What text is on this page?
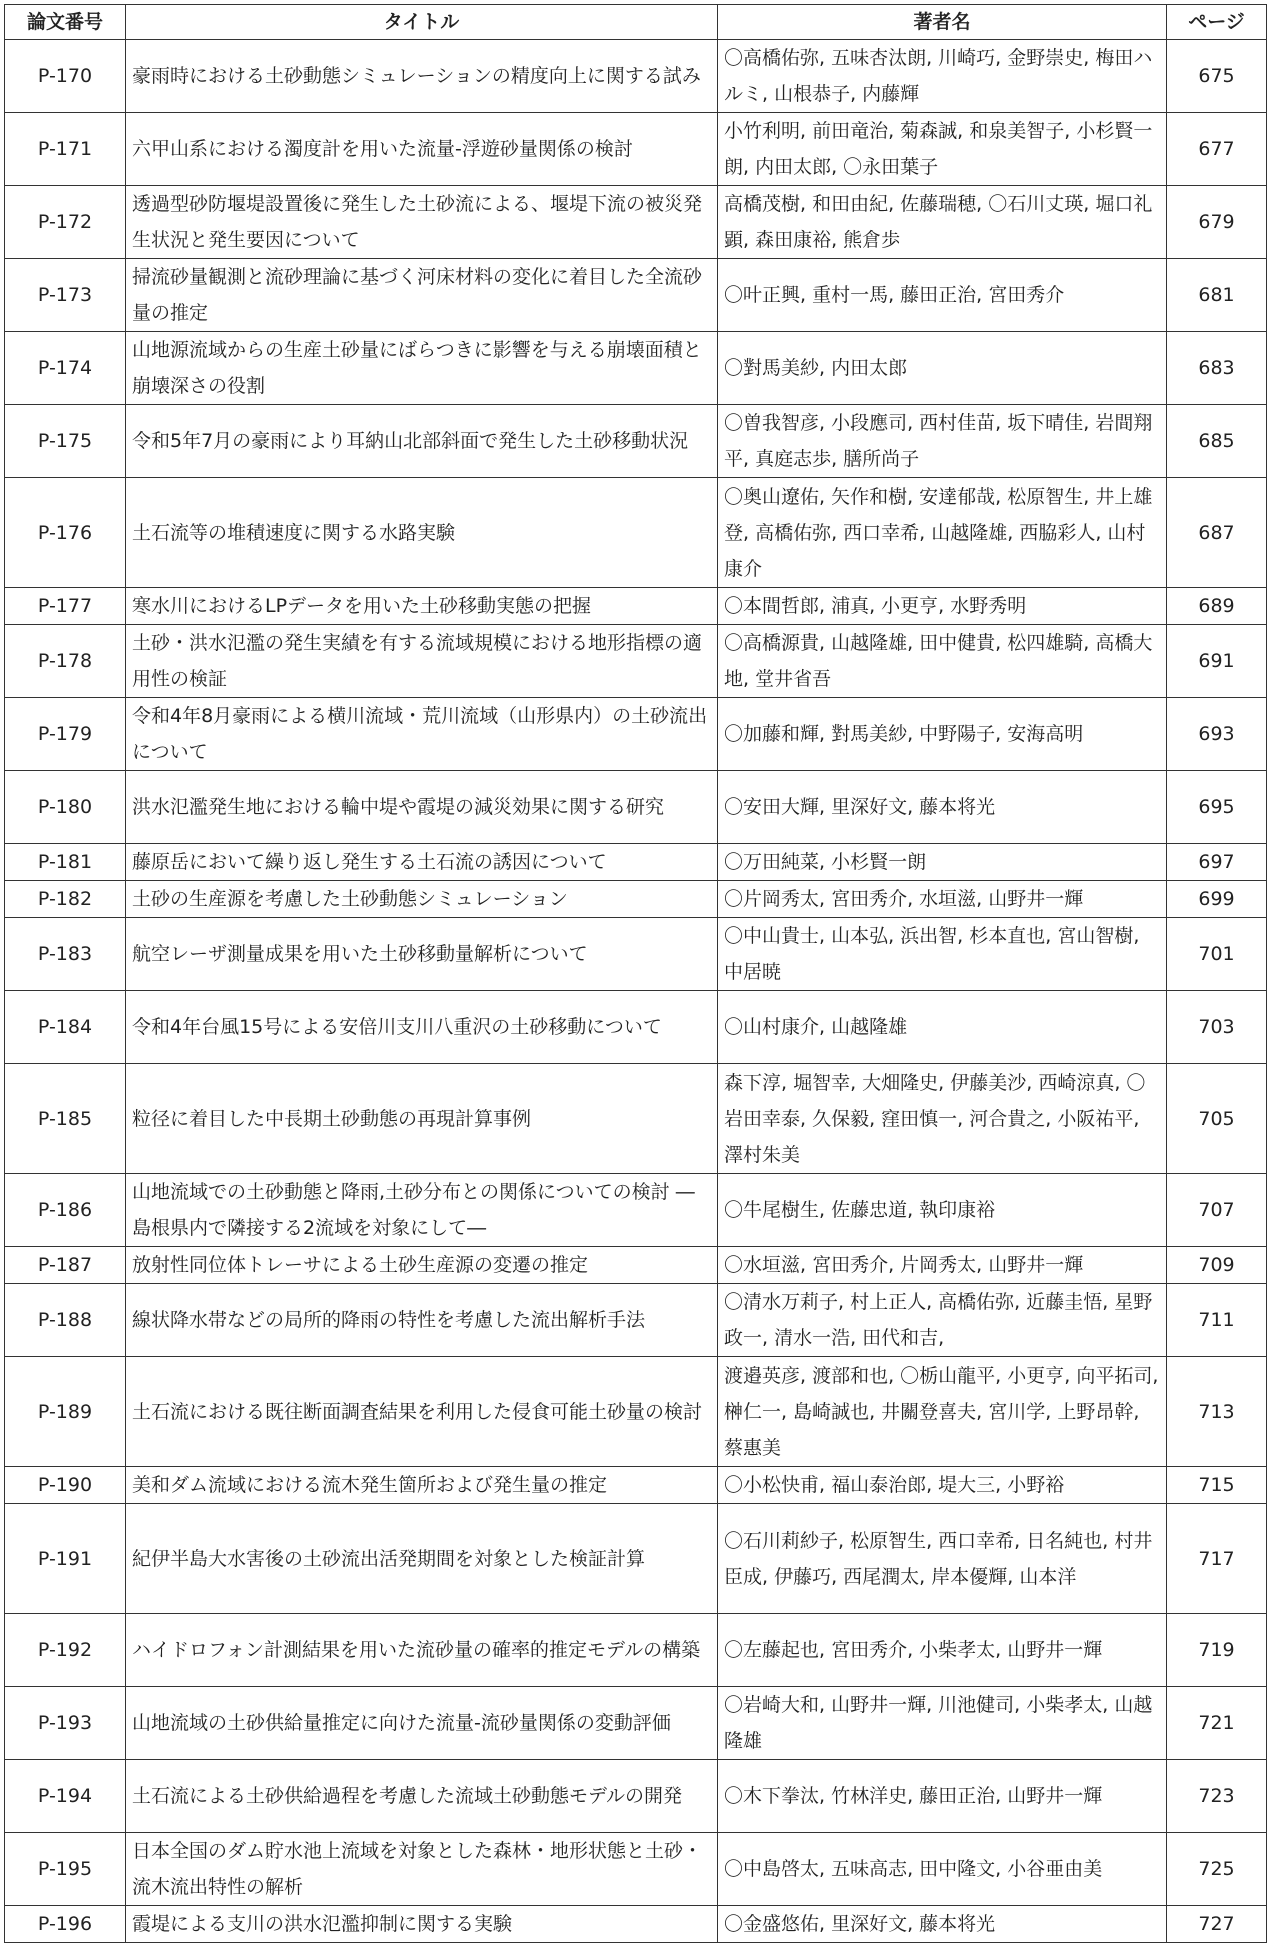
論文番号	タイトル	著者名	ページ
P-170	豪雨時における土砂動態シミュレーションの精度向上に関する試み	〇高橋佑弥, 五味杏汰朗, 川崎巧, 金野崇史, 梅田ハルミ, 山根恭子, 内藤輝	675
P-171	六甲山系における濁度計を用いた流量-浮遊砂量関係の検討	小竹利明, 前田竜治, 菊森誠, 和泉美智子, 小杉賢一朗, 内田太郎, 〇永田葉子	677
P-172	透過型砂防堰堤設置後に発生した土砂流による、堰堤下流の被災発生状況と発生要因について	高橋茂樹, 和田由紀, 佐藤瑞穂, 〇石川丈瑛, 堀口礼顕, 森田康裕, 熊倉歩	679
P-173	掃流砂量観測と流砂理論に基づく河床材料の変化に着目した全流砂量の推定	〇叶正興, 重村一馬, 藤田正治, 宮田秀介	681
P-174	山地源流域からの生産土砂量にばらつきに影響を与える崩壊面積と崩壊深さの役割	〇對馬美紗, 内田太郎	683
P-175	令和5年7月の豪雨により耳納山北部斜面で発生した土砂移動状況	〇曽我智彦, 小段應司, 西村佳苗, 坂下晴佳, 岩間翔平, 真庭志歩, 膳所尚子	685
P-176	土石流等の堆積速度に関する水路実験	〇奥山遼佑, 矢作和樹, 安達郁哉, 松原智生, 井上雄登, 高橋佑弥, 西口幸希, 山越隆雄, 西脇彩人, 山村康介	687
P-177	寒水川におけるLPデータを用いた土砂移動実態の把握	〇本間哲郎, 浦真, 小更亨, 水野秀明	689
P-178	土砂・洪水氾濫の発生実績を有する流域規模における地形指標の適用性の検証	〇高橋源貴, 山越隆雄, 田中健貴, 松四雄騎, 高橋大地, 堂井省吾	691
P-179	令和4年8月豪雨による横川流域・荒川流域（山形県内）の土砂流出について	〇加藤和輝, 對馬美紗, 中野陽子, 安海高明	693
P-180	洪水氾濫発生地における輪中堤や霞堤の減災効果に関する研究	〇安田大輝, 里深好文, 藤本将光	695
P-181	藤原岳において繰り返し発生する土石流の誘因について	〇万田純菜, 小杉賢一朗	697
P-182	土砂の生産源を考慮した土砂動態シミュレーション	〇片岡秀太, 宮田秀介, 水垣滋, 山野井一輝	699
P-183	航空レーザ測量成果を用いた土砂移動量解析について	〇中山貴士, 山本弘, 浜出智, 杉本直也, 宮山智樹, 中居暁	701
P-184	令和4年台風15号による安倍川支川八重沢の土砂移動について	〇山村康介, 山越隆雄	703
P-185	粒径に着目した中長期土砂動態の再現計算事例	森下淳, 堀智幸, 大畑隆史, 伊藤美沙, 西崎涼真, 〇岩田幸泰, 久保毅, 窪田慎一, 河合貴之, 小阪祐平, 澤村朱美	705
P-186	山地流域での土砂動態と降雨,土砂分布との関係についての検討 ―島根県内で隣接する2流域を対象にして―	〇牛尾樹生, 佐藤忠道, 執印康裕	707
P-187	放射性同位体トレーサによる土砂生産源の変遷の推定	〇水垣滋, 宮田秀介, 片岡秀太, 山野井一輝	709
P-188	線状降水帯などの局所的降雨の特性を考慮した流出解析手法	〇清水万莉子, 村上正人, 高橋佑弥, 近藤圭悟, 星野政一, 清水一浩, 田代和吉,	711
P-189	土石流における既往断面調査結果を利用した侵食可能土砂量の検討	渡邉英彦, 渡部和也, 〇栃山龍平, 小更亨, 向平拓司, 榊仁一, 島崎誠也, 井關登喜夫, 宮川学, 上野昂幹, 蔡惠美	713
P-190	美和ダム流域における流木発生箇所および発生量の推定	〇小松快甫, 福山泰治郎, 堤大三, 小野裕	715
P-191	紀伊半島大水害後の土砂流出活発期間を対象とした検証計算	〇石川莉紗子, 松原智生, 西口幸希, 日名純也, 村井臣成, 伊藤巧, 西尾潤太, 岸本優輝, 山本洋	717
P-192	ハイドロフォン計測結果を用いた流砂量の確率的推定モデルの構築	〇左藤起也, 宮田秀介, 小柴孝太, 山野井一輝	719
P-193	山地流域の土砂供給量推定に向けた流量-流砂量関係の変動評価	〇岩崎大和, 山野井一輝, 川池健司, 小柴孝太, 山越隆雄	721
P-194	土石流による土砂供給過程を考慮した流域土砂動態モデルの開発	〇木下拳汰, 竹林洋史, 藤田正治, 山野井一輝	723
P-195	日本全国のダム貯水池上流域を対象とした森林・地形状態と土砂・流木流出特性の解析	〇中島啓太, 五味高志, 田中隆文, 小谷亜由美	725
P-196	霞堤による支川の洪水氾濫抑制に関する実験	〇金盛悠佑, 里深好文, 藤本将光	727
